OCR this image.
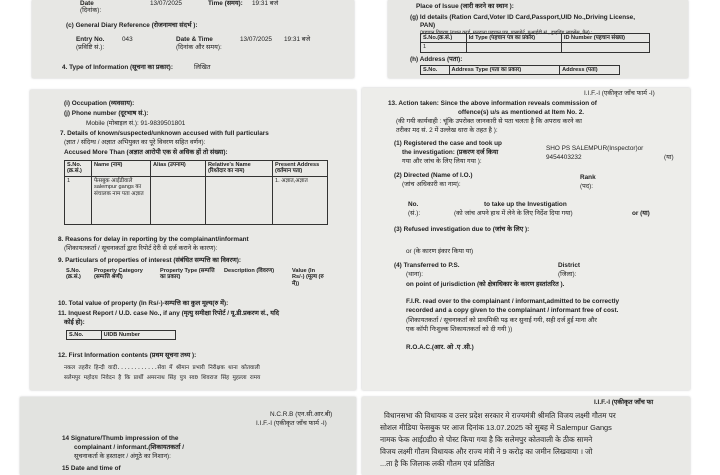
Date
(दिनांक):
13/07/2025	Time (समय): 19:31 बजे
(c) General Diary Reference (रोजनामचा संदर्भ ):
Entry No.
(प्रविष्टि सं.):
043	Date & Time
(दिनांक और समय):
13/07/2025 19:31 बजे
4. Type of Information (सूचना का प्रकार):	लिखित
Place of Issue (जारी करने का स्थान ):
(g) Id details (Ration Card,Voter ID Card,Passport,UID No.,Driving License,
PAN)
(पहचान विवरण (राशन कार्ड, मतदाता पहचान पत्र, पासपोर्ट, यूआईडी सं., ड्राइविंग लाइसेंस, पैन) :
S.No.(क्र.सं.)	Id Type (पहचान पत्र का प्रकार)	ID Number (पहचान संख्या)
1		
(h) Address (पता):
S.No.	Address Type (पता का प्रकार)	Address (पता)
(i) Occupation (व्यवसाय):
(j) Phone number (दूरभाष सं.):
Mobile (मोबाइल सं.): 91-9839501801
7. Details of known/suspected/unknown accused with full particulars
(ज्ञात / संदिग्ध / अज्ञात अभियुक्त का पूरे विवरण सहित वर्णन):
Accused More Than (अज्ञात आरोपी एक से अधिक हों तो संख्या):
S.No. (क्र.सं.)	Name (नाम)	Alias (उपनाम)	Relative's Name (रिश्तेदार का नाम)	Present Address (वर्तमान पता)
1	फेसबुक आईडीवाले salempur gangs का संचालक नाम पता अज्ञात			1. अज्ञात,अज्ञात
8. Reasons for delay in reporting by the complainant/informant
(शिकायतकर्ता / सूचनाकर्ता द्वारा रिपोर्ट देरी से दर्ज कराने के कारण):
9. Particulars of properties of interest (संबंधित सम्पत्ति का विवरण):
S.No. (क्र.सं.)	Property Category (सम्पत्ति श्रेणी)	Property Type (सम्पत्ति का प्रकार)	Description (विवरण)	Value (In Rs/-) (मूल्य (रु में))
10. Total value of property (In Rs/-)-सम्पत्ति का कुल मूल्य(रु में):
11. Inquest Report / U.D. case No., if any (मृत्यु समीक्षा रिपोर्ट / यू.डी.प्रकरण सं., यदि
कोई हो):
S.No.	UIDB Number
12. First Information contents (प्रथम सूचना तथ्य ):
नकल तहरीर हिन्दी वादी............सेवा में श्रीमान प्रभारी निरीक्षक थाना कोतवाली
सलेमपुर महोदय निवेदन है कि प्रार्थी अमरनाथ सिंह पुत्र स्व0 शिवराज सिंह मुहल्ला रामय
I.I.F.-I (एकीकृत जाँच फार्म -I)
13. Action taken: Since the above information reveals commission of
offence(s) u/s as mentioned at Item No. 2.
(की गयी कार्यवाही : चूंकि उपरोक्त जानकारी से पता चलता है कि अपराध करने का
तरीका मद सं. 2 में उल्लेख धारा के तहत है ):
(1) Registered the case and took up
SHO PS SALEMPUR(Inspector)or
(या)
the investigation: (प्रकरण दर्ज किया
9454403232
गया और जांच के लिए लिया गया ):
(2) Directed (Name of I.O.)
(जांच अधिकारी का नाम):
Rank
(पद):
No.
(सं.):
to take up the Investigation
(को जांच अपने हाथ में लेने के लिए निर्देश दिया गया)	or (या)
(3) Refused investigation due to (जांच के लिए ):
or (के कारण इंकार किया या)
(4) Transferred to P.S.
(थाना):
District
(जिला):
on point of jurisdiction (को क्षेत्राधिकार के कारण हस्तांतरित ).
F.I.R. read over to the complainant / informant,admitted to be correctly
recorded and a copy given to the complainant / informant free of cost.
(शिकायतकर्ता / सूचनाकर्ता को प्राथमिकी पढ़ कर सुनाई गयी, सही दर्ज हुई माना और
एक कॉपी निःशुल्क शिकायतकर्ता को दी गयी ))
R.O.A.C.(आर. ओ .ए .सी.)
N.C.R.B (एन.सी.आर.बी)
I.I.F.-I (एकीकृत जाँच फार्म -I)
14 Signature/Thumb impression of the
complainant / informant.(शिकायतकर्ता /
सूचनाकर्ता के हस्ताक्षर / अंगूठे का निशान):
15 Date and time of
I.I.F.-I (एकीकृत जाँच फा
विधानसभा की विधायक व उत्तर प्रदेश सरकार मे राज्यमंत्री श्रीमति विजय लक्ष्मी गौतम पर
सोशल मीडिया फेसबुक पर आज दिनांक 13.07.2025 को सुबह मे Salempur Gangs
नामक फेक आई0डी0 से पोस्ट किया गया है कि सलेमपुर कोतवाली के ठीक सामने
विजय लक्ष्मी गौतम विधायक और राज्य मंत्री ने 9 करोड़ का जमीन लिखवाया । जो
...ता है कि जिलाक लकी गौतम एवं प्रतिष्ठित
